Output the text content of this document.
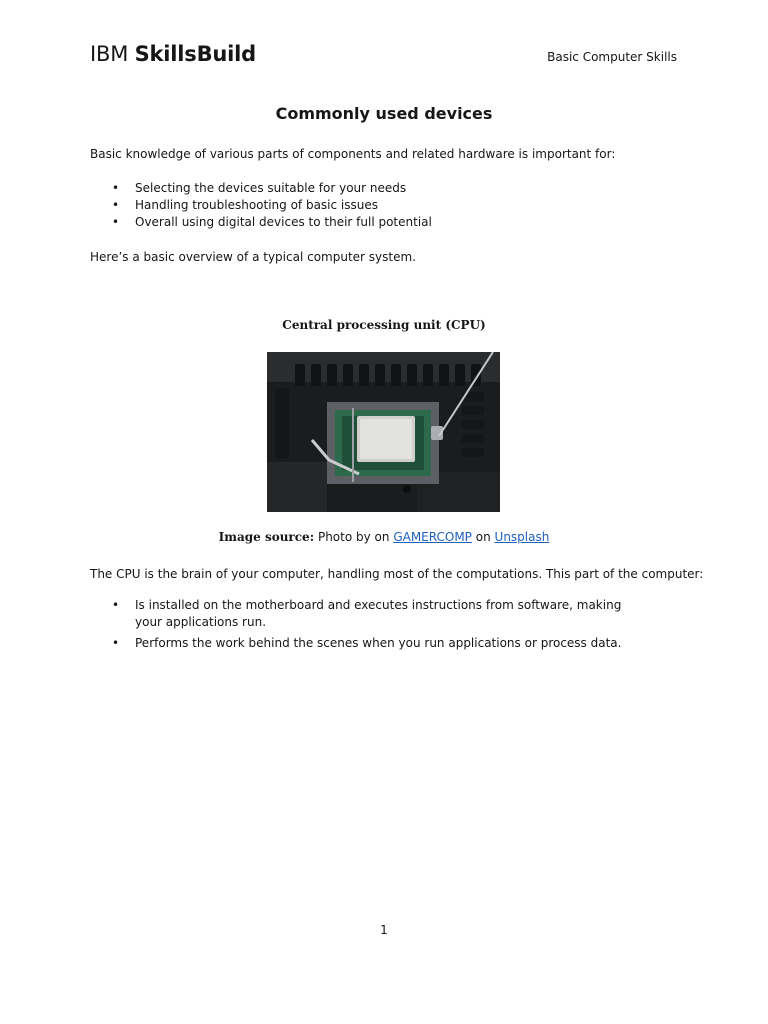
IBM SkillsBuild	Basic Computer Skills
Commonly used devices
Basic knowledge of various parts of components and related hardware is important for:
• Selecting the devices suitable for your needs
• Handling troubleshooting of basic issues
• Overall using digital devices to their full potential
Here’s a basic overview of a typical computer system.
Central processing unit (CPU)
Image source: Photo by on GAMERCOMP on Unsplash
The CPU is the brain of your computer, handling most of the computations. This part of the computer:
• Is installed on the motherboard and executes instructions from software, making your applications run.
• Performs the work behind the scenes when you run applications or process data.
1
